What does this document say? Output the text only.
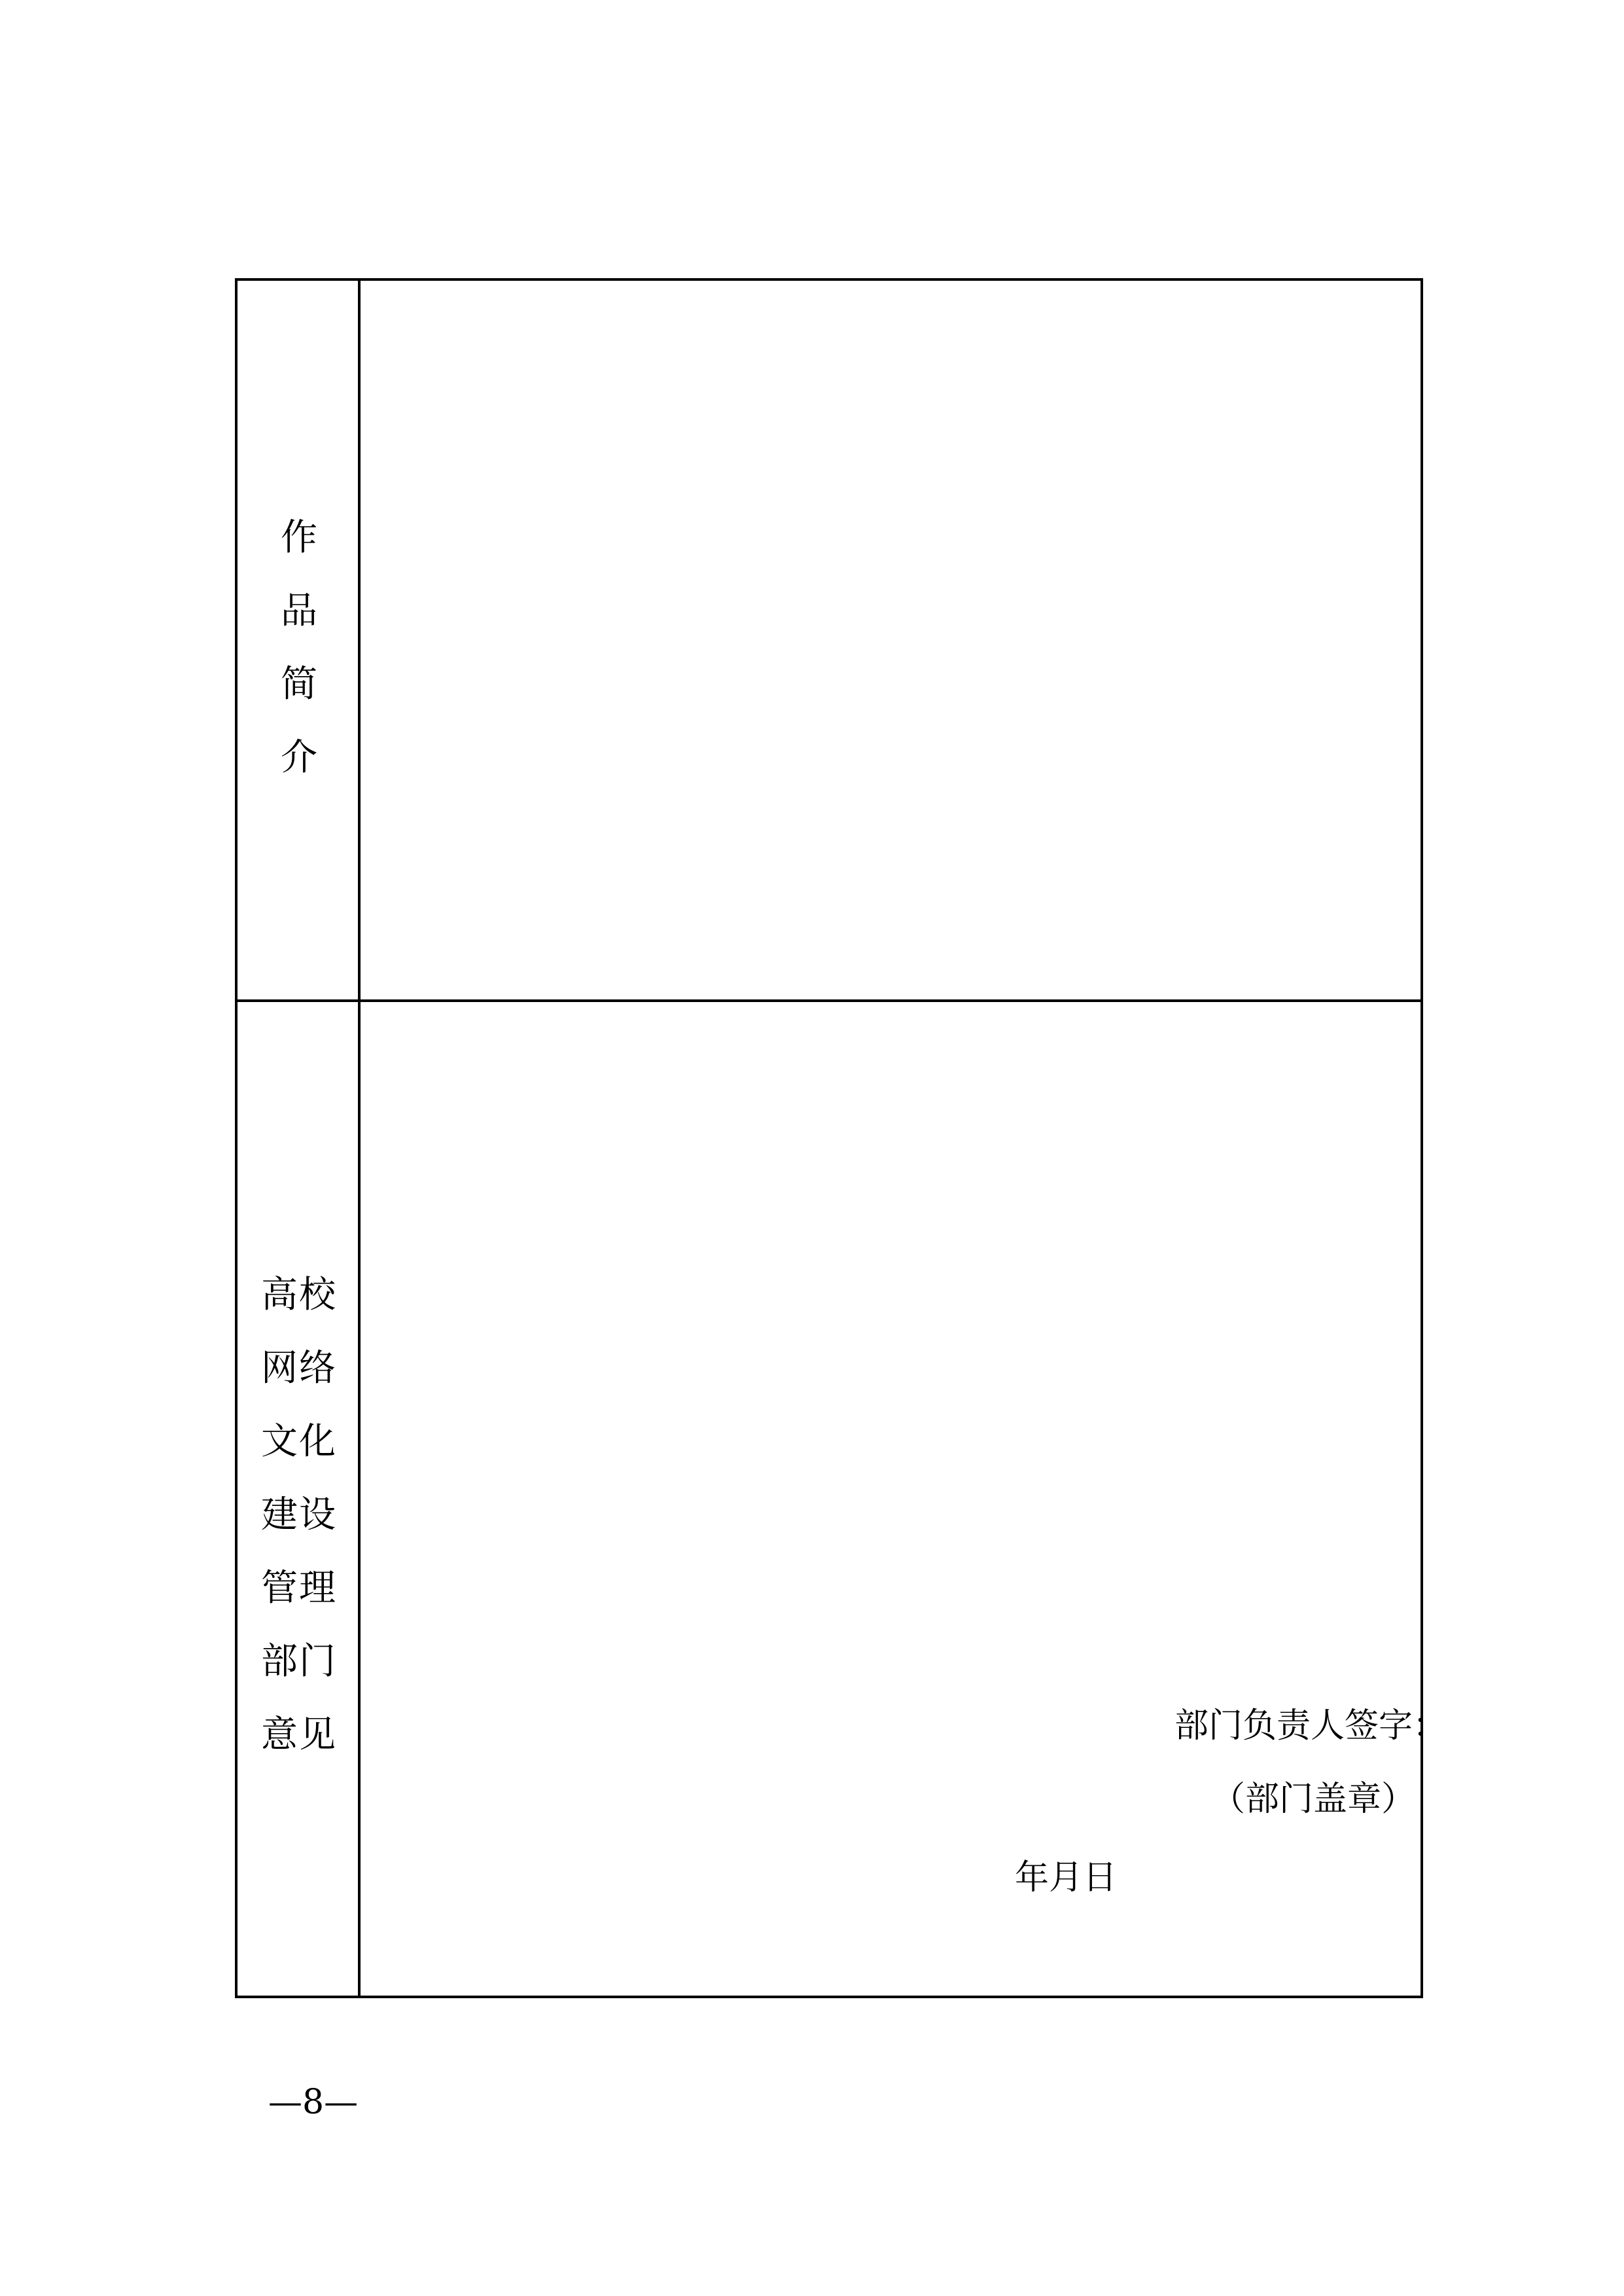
作
品
简
介
高校
网络
文化
建设
管理
部门
意见	部门负责人签字：
（部门盖章）
年月日
—8—
